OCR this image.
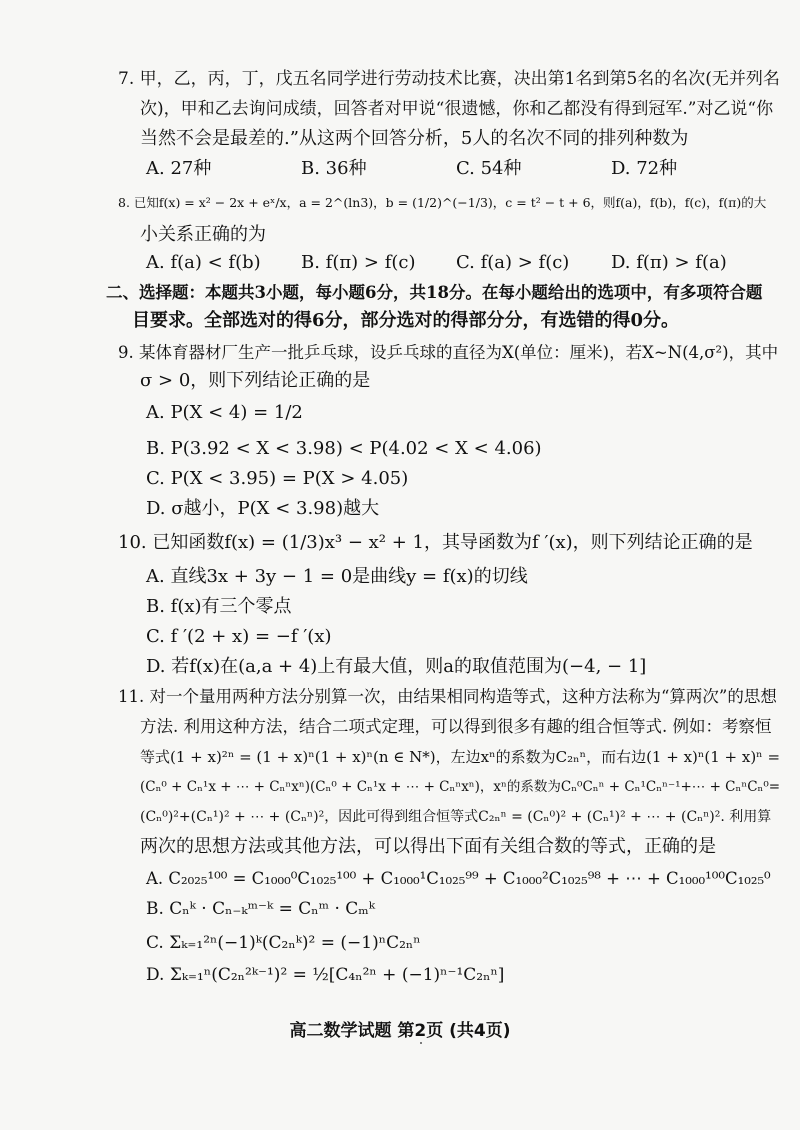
7. 甲，乙，丙，丁，戊五名同学进行劳动技术比赛，决出第1名到第5名的名次(无并列名
次)，甲和乙去询问成绩，回答者对甲说“很遗憾，你和乙都没有得到冠军.”对乙说“你
当然不会是最差的.”从这两个回答分析，5人的名次不同的排列种数为
A. 27种	B. 36种	C. 54种	D. 72种
8. 已知f(x) = x² − 2x + eˣ/x，a = 2^(ln3)，b = (1/2)^(−1/3)，c = t² − t + 6，则f(a)，f(b)，f(c)，f(π)的大
小关系正确的为
A. f(a) < f(b) B. f(π) > f(c) C. f(a) > f(c) D. f(π) > f(a)
二、选择题：本题共3小题，每小题6分，共18分。在每小题给出的选项中，有多项符合题
目要求。全部选对的得6分，部分选对的得部分分，有选错的得0分。
9. 某体育器材厂生产一批乒乓球，设乒乓球的直径为X(单位：厘米)，若X~N(4,σ²)，其中
σ > 0，则下列结论正确的是
A. P(X < 4) = 1/2
B. P(3.92 < X < 3.98) < P(4.02 < X < 4.06)
C. P(X < 3.95) = P(X > 4.05)
D. σ越小，P(X < 3.98)越大
10. 已知函数f(x) = (1/3)x³ − x² + 1，其导函数为f ′(x)，则下列结论正确的是
A. 直线3x + 3y − 1 = 0是曲线y = f(x)的切线
B. f(x)有三个零点
C. f ′(2 + x) = −f ′(x)
D. 若f(x)在(a,a + 4)上有最大值，则a的取值范围为(−4, − 1]
11. 对一个量用两种方法分别算一次，由结果相同构造等式，这种方法称为“算两次”的思想
方法. 利用这种方法，结合二项式定理，可以得到很多有趣的组合恒等式. 例如：考察恒
等式(1 + x)²ⁿ = (1 + x)ⁿ(1 + x)ⁿ(n ∈ N*)，左边xⁿ的系数为C₂ₙⁿ，而右边(1 + x)ⁿ(1 + x)ⁿ =
(Cₙ⁰ + Cₙ¹x + ⋯ + Cₙⁿxⁿ)(Cₙ⁰ + Cₙ¹x + ⋯ + Cₙⁿxⁿ)，xⁿ的系数为Cₙ⁰Cₙⁿ + Cₙ¹Cₙⁿ⁻¹+⋯ + CₙⁿCₙ⁰=
(Cₙ⁰)²+(Cₙ¹)² + ⋯ + (Cₙⁿ)²，因此可得到组合恒等式C₂ₙⁿ = (Cₙ⁰)² + (Cₙ¹)² + ⋯ + (Cₙⁿ)². 利用算
两次的思想方法或其他方法，可以得出下面有关组合数的等式，正确的是
A. C₂₀₂₅¹⁰⁰ = C₁₀₀₀⁰C₁₀₂₅¹⁰⁰ + C₁₀₀₀¹C₁₀₂₅⁹⁹ + C₁₀₀₀²C₁₀₂₅⁹⁸ + ⋯ + C₁₀₀₀¹⁰⁰C₁₀₂₅⁰
B. Cₙᵏ · Cₙ₋ₖᵐ⁻ᵏ = Cₙᵐ · Cₘᵏ
C. Σₖ₌₁²ⁿ(−1)ᵏ(C₂ₙᵏ)² = (−1)ⁿC₂ₙⁿ
D. Σₖ₌₁ⁿ(C₂ₙ²ᵏ⁻¹)² = ½[C₄ₙ²ⁿ + (−1)ⁿ⁻¹C₂ₙⁿ]
高二数学试题 第2页 (共4页)
